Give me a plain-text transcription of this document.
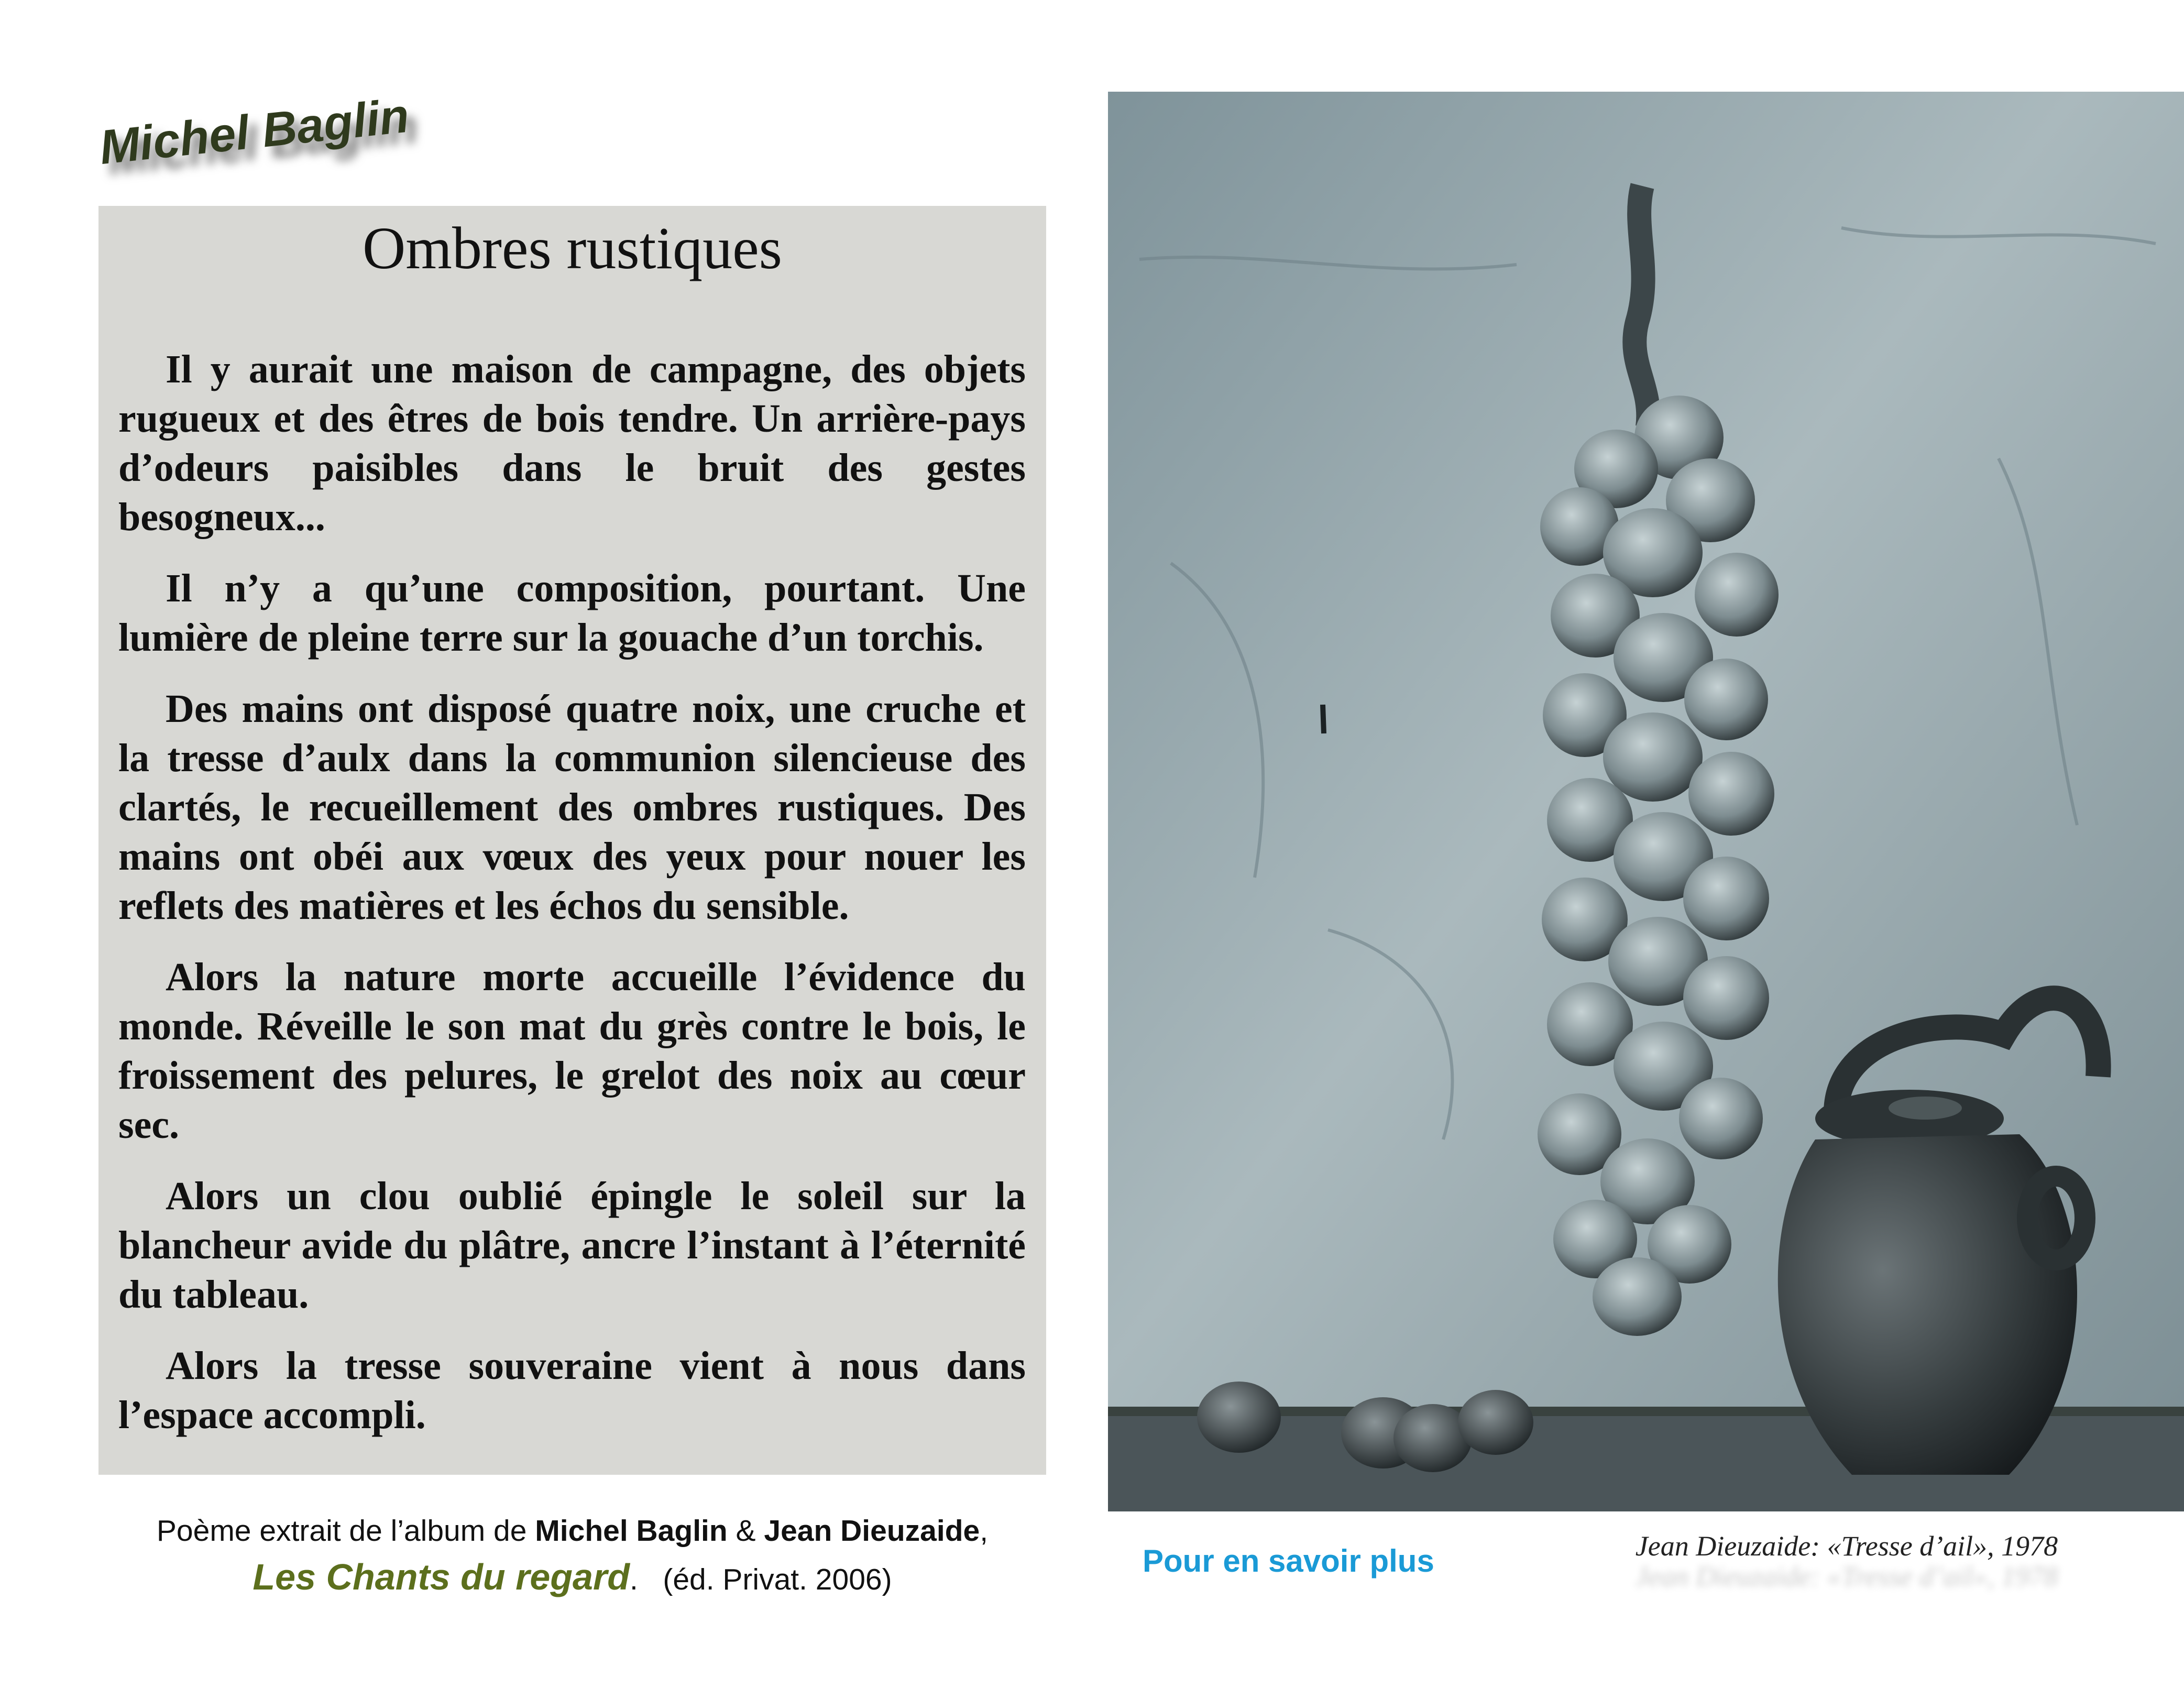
Michel Baglin
Ombres rustiques

Il y aurait une maison de campagne, des objets rugueux et des êtres de bois tendre. Un arrière-pays d’odeurs paisibles dans le bruit des gestes besogneux...

Il n’y a qu’une composition, pourtant. Une lumière de pleine terre sur la gouache d’un torchis.

Des mains ont disposé quatre noix, une cruche et la tresse d’aulx dans la communion silencieuse des clartés, le recueillement des ombres rustiques. Des mains ont obéi aux vœux des yeux pour nouer les reflets des matières et les échos du sensible.

Alors la nature morte accueille l’évidence du monde. Réveille le son mat du grès contre le bois, le froissement des pelures, le grelot des noix au cœur sec.

Alors un clou oublié épingle le soleil sur la blancheur avide du plâtre, ancre l’instant à l’éternité du tableau.

Alors la tresse souveraine vient à nous dans l’espace accompli.

Poème extrait de l’album de Michel Baglin & Jean Dieuzaide,
Les Chants du regard. (éd. Privat. 2006)
Pour en savoir plus	Jean Dieuzaide: «Tresse d’ail», 1978
